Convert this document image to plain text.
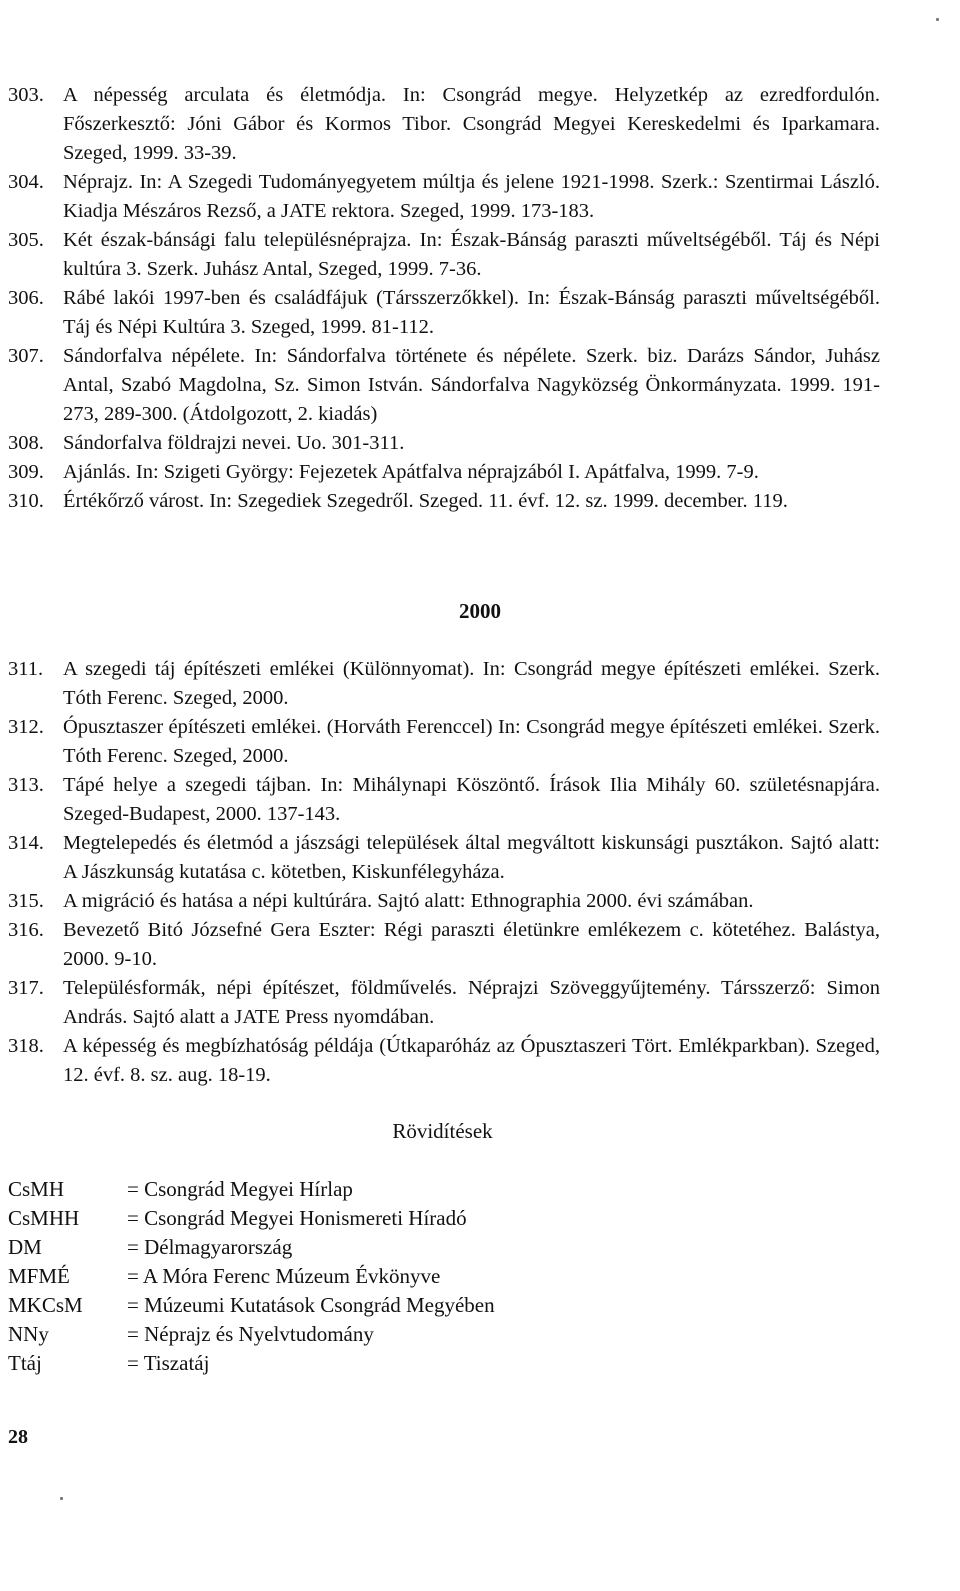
303. A népesség arculata és életmódja. In: Csongrád megye. Helyzetkép az ezredfordulón. Főszerkesztő: Jóni Gábor és Kormos Tibor. Csongrád Megyei Kereskedelmi és Iparkamara. Szeged, 1999. 33-39.
304. Néprajz. In: A Szegedi Tudományegyetem múltja és jelene 1921-1998. Szerk.: Szentirmai László. Kiadja Mészáros Rezső, a JATE rektora. Szeged, 1999. 173-183.
305. Két észak-bánsági falu településnéprajza. In: Észak-Bánság paraszti műveltségéből. Táj és Népi kultúra 3. Szerk. Juhász Antal, Szeged, 1999. 7-36.
306. Rábé lakói 1997-ben és családfájuk (Társszerzőkkel). In: Észak-Bánság paraszti műveltségéből. Táj és Népi Kultúra 3. Szeged, 1999. 81-112.
307. Sándorfalva népélete. In: Sándorfalva története és népélete. Szerk. biz. Darázs Sándor, Juhász Antal, Szabó Magdolna, Sz. Simon István. Sándorfalva Nagyközség Önkormányzata. 1999. 191-273, 289-300. (Átdolgozott, 2. kiadás)
308. Sándorfalva földrajzi nevei. Uo. 301-311.
309. Ajánlás. In: Szigeti György: Fejezetek Apátfalva néprajzából I. Apátfalva, 1999. 7-9.
310. Értékőrző várost. In: Szegediek Szegedről. Szeged. 11. évf. 12. sz. 1999. december. 119.
2000
311. A szegedi táj építészeti emlékei (Különnyomat). In: Csongrád megye építészeti emlékei. Szerk. Tóth Ferenc. Szeged, 2000.
312. Ópusztaszer építészeti emlékei. (Horváth Ferenccel) In: Csongrád megye építészeti emlékei. Szerk. Tóth Ferenc. Szeged, 2000.
313. Tápé helye a szegedi tájban. In: Mihálynapi Köszöntő. Írások Ilia Mihály 60. születésnapjára. Szeged-Budapest, 2000. 137-143.
314. Megtelepedés és életmód a jászsági települések által megváltott kiskunsági pusztákon. Sajtó alatt: A Jászkunság kutatása c. kötetben, Kiskunfélegyháza.
315. A migráció és hatása a népi kultúrára. Sajtó alatt: Ethnographia 2000. évi számában.
316. Bevezető Bitó Józsefné Gera Eszter: Régi paraszti életünkre emlékezem c. kötetéhez. Balástya, 2000. 9-10.
317. Településformák, népi építészet, földművelés. Néprajzi Szöveggyűjtemény. Társszerző: Simon András. Sajtó alatt a JATE Press nyomdában.
318. A képesség és megbízhatóság példája (Útkaparóház az Ópusztaszeri Tört. Emlékparkban). Szeged, 12. évf. 8. sz. aug. 18-19.
Rövidítések
CsMH	= Csongrád Megyei Hírlap
CsMHH = Csongrád Megyei Honismereti Híradó
DM	= Délmagyarország
MFMÉ	= A Móra Ferenc Múzeum Évkönyve
MKCsM = Múzeumi Kutatások Csongrád Megyében
NNy	= Néprajz és Nyelvtudomány
Ttáj	= Tiszatáj
28
